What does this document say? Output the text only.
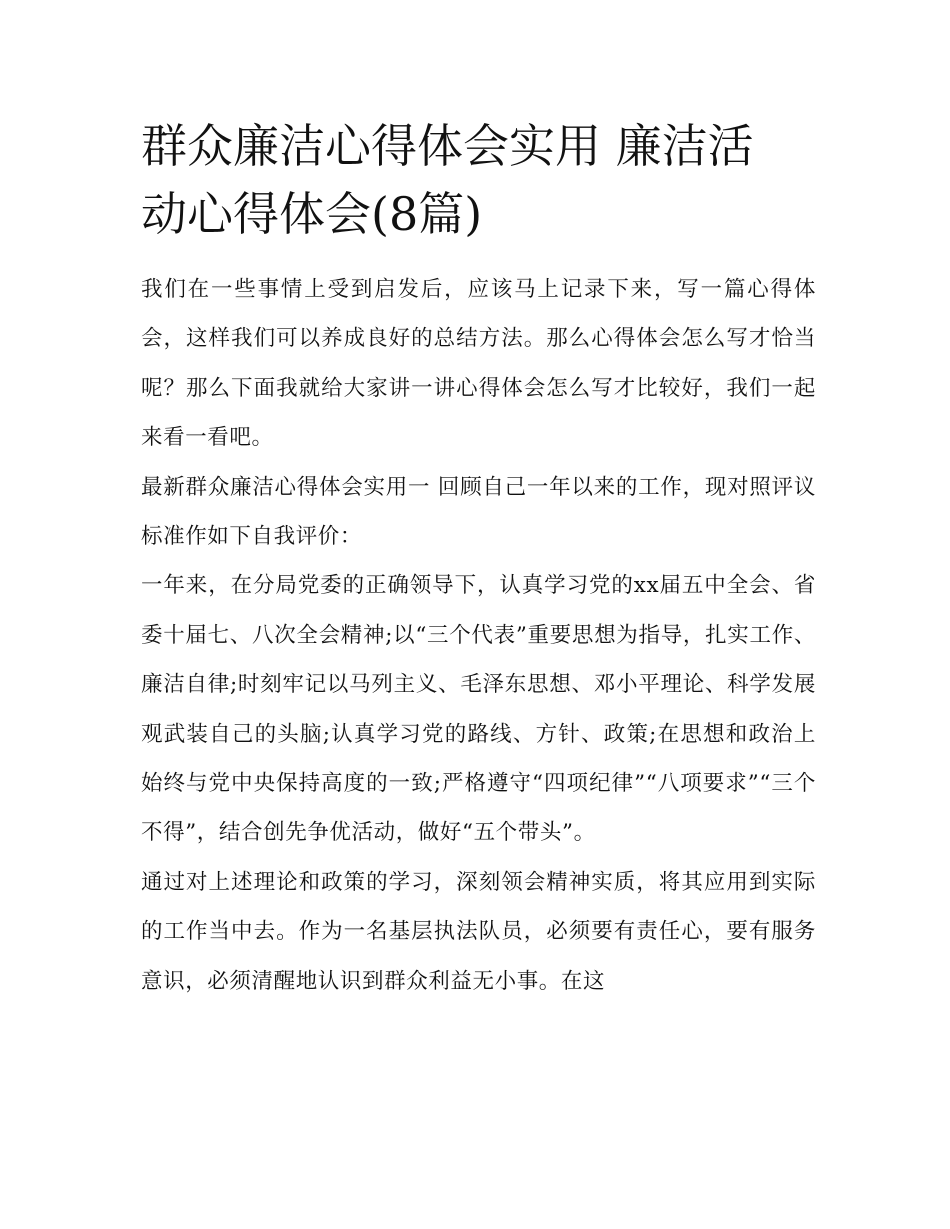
群众廉洁心得体会实用 廉洁活
动心得体会(8篇)

我们在一些事情上受到启发后，应该马上记录下来，写一篇心得体会，这样我们可以养成良好的总结方法。那么心得体会怎么写才恰当呢？那么下面我就给大家讲一讲心得体会怎么写才比较好，我们一起来看一看吧。

最新群众廉洁心得体会实用一 回顾自己一年以来的工作，现对照评议标准作如下自我评价：

一年来，在分局党委的正确领导下，认真学习党的xx届五中全会、省委十届七、八次全会精神;以“三个代表”重要思想为指导，扎实工作、廉洁自律;时刻牢记以马列主义、毛泽东思想、邓小平理论、科学发展观武装自己的头脑;认真学习党的路线、方针、政策;在思想和政治上始终与党中央保持高度的一致;严格遵守“四项纪律”“八项要求”“三个不得”，结合创先争优活动，做好“五个带头”。

通过对上述理论和政策的学习，深刻领会精神实质，将其应用到实际的工作当中去。作为一名基层执法队员，必须要有责任心，要有服务意识，必须清醒地认识到群众利益无小事。在这
